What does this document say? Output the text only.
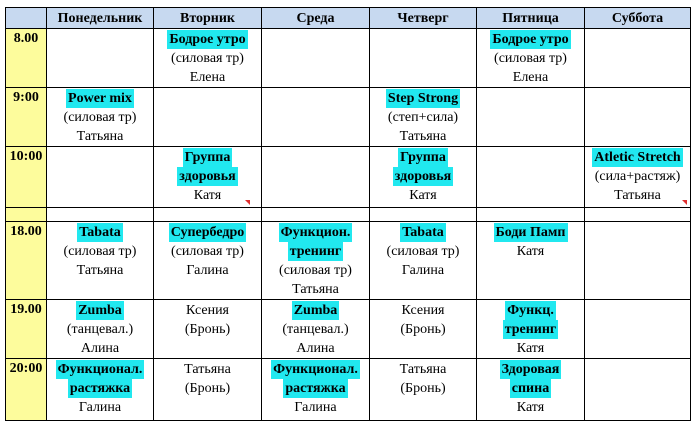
	Понедельник	Вторник	Среда	Четверг	Пятница	Суббота
8.00		Бодрое утро
(силовая тр)
Елена			Бодрое утро
(силовая тр)
Елена	

9:00	Power mix
(силовая тр)
Татьяна			Step Strong
(степ+сила)
Татьяна		

10:00		Группа
здоровья
Катя		Группа
здоровья
Катя		Atletic Stretch
(сила+растяж)
Татьяна

18.00	Tabata
(силовая тр)
Татьяна	Супербедро
(силовая тр)
Галина	Функцион.
тренинг
(силовая тр)
Татьяна	Tabata
(силовая тр)
Галина	Боди Памп
Катя	

19.00	Zumba
(танцевал.)
Алина	Ксения
(Бронь)	Zumba
(танцевал.)
Алина	Ксения
(Бронь)	Функц.
тренинг
Катя	

20:00	Функционал.
растяжка
Галина	Татьяна
(Бронь)	Функционал.
растяжка
Галина	Татьяна
(Бронь)	Здоровая
спина
Катя	
